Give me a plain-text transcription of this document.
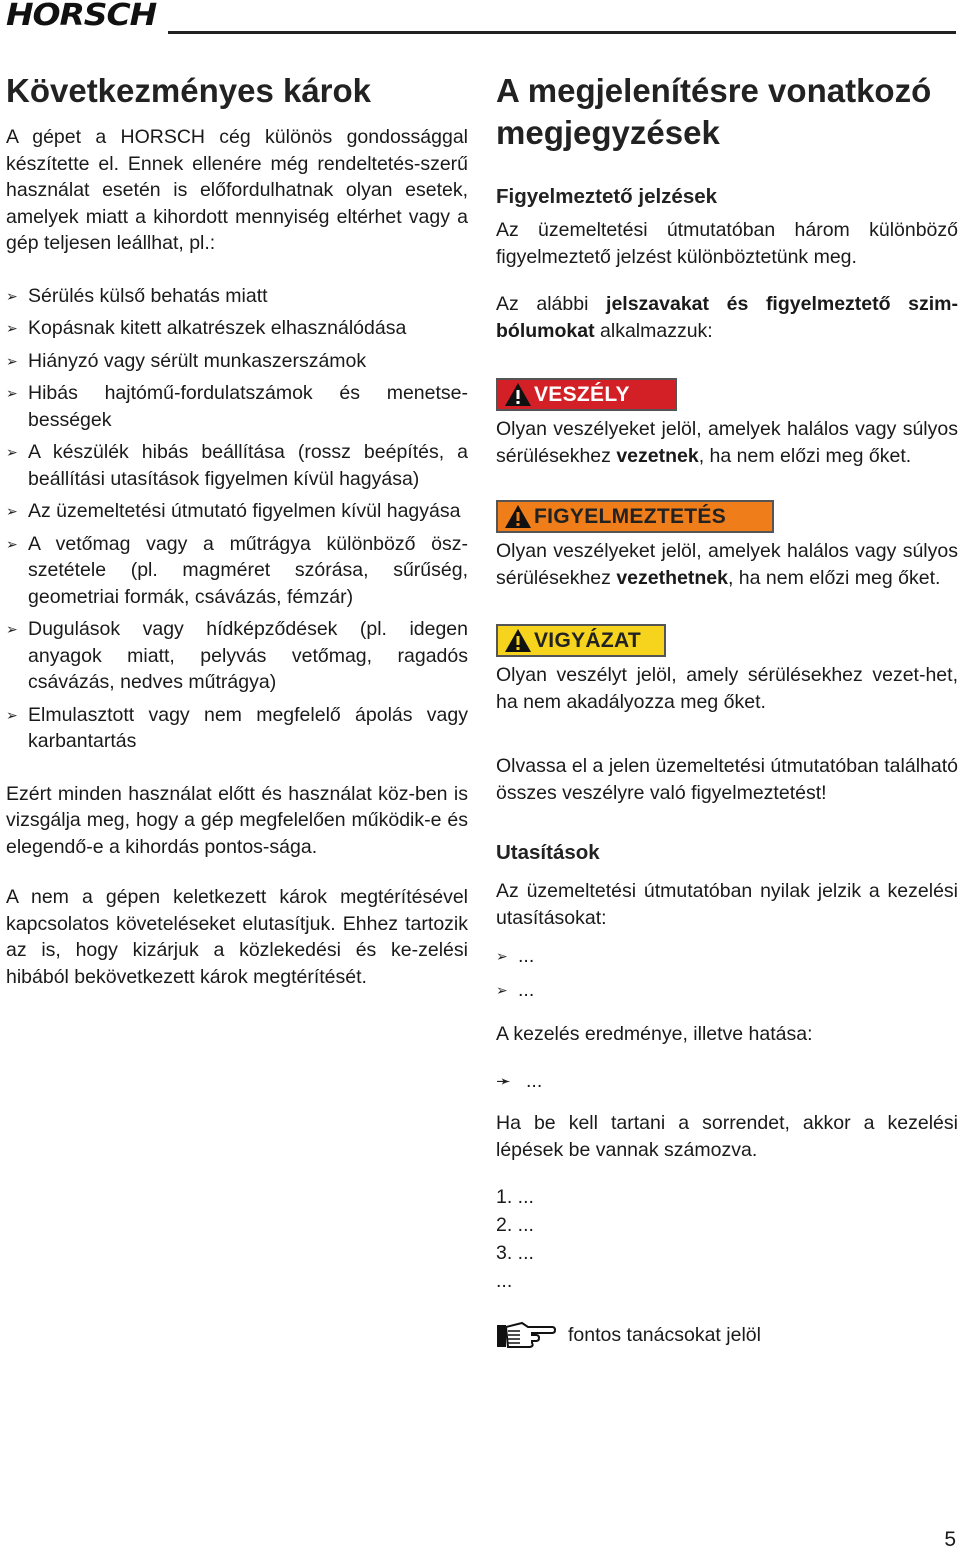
HORSCH
Következményes károk

A gépet a HORSCH cég különös gondossággal készítette el. Ennek ellenére még rendeltetés-szerű használat esetén is előfordulhatnak olyan esetek, amelyek miatt a kihordott mennyiség eltérhet vagy a gép teljesen leállhat, pl.:

➢ Sérülés külső behatás miatt
➢ Kopásnak kitett alkatrészek elhasználódása
➢ Hiányzó vagy sérült munkaszerszámok
➢ Hibás hajtómű-fordulatszámok és menetse-bességek
➢ A készülék hibás beállítása (rossz beépítés, a beállítási utasítások figyelmen kívül hagyása)
➢ Az üzemeltetési útmutató figyelmen kívül hagyása
➢ A vetőmag vagy a műtrágya különböző ösz-szetétele (pl. magméret szórása, sűrűség, geometriai formák, csávázás, fémzár)
➢ Dugulások vagy hídképződések (pl. idegen anyagok miatt, pelyvás vetőmag, ragadós csávázás, nedves műtrágya)
➢ Elmulasztott vagy nem megfelelő ápolás vagy karbantartás

Ezért minden használat előtt és használat köz-ben is vizsgálja meg, hogy a gép megfelelően működik-e és elegendő-e a kihordás pontos-sága.

A nem a gépen keletkezett károk megtérítésével kapcsolatos követeléseket elutasítjuk. Ehhez tartozik az is, hogy kizárjuk a közlekedési és ke-zelési hibából bekövetkezett károk megtérítését.

A megjelenítésre vonatkozó megjegyzések
Figyelmeztető jelzések

Az üzemeltetési útmutatóban három különböző figyelmeztető jelzést különböztetünk meg.

Az alábbi jelszavakat és figyelmeztető szim-bólumokat alkalmazzuk:

VESZÉLY

Olyan veszélyeket jelöl, amelyek halálos vagy súlyos sérülésekhez vezetnek, ha nem előzi meg őket.

FIGYELMEZTETÉS

Olyan veszélyeket jelöl, amelyek halálos vagy súlyos sérülésekhez vezethetnek, ha nem előzi meg őket.

VIGYÁZAT

Olyan veszélyt jelöl, amely sérülésekhez vezet-het, ha nem akadályozza meg őket.

Olvassa el a jelen üzemeltetési útmutatóban található összes veszélyre való figyelmeztetést!

Utasítások

Az üzemeltetési útmutatóban nyilak jelzik a kezelési utasításokat:

➢ ...
➢ ...

A kezelés eredménye, illetve hatása:

➛ ...

Ha be kell tartani a sorrendet, akkor a kezelési lépések be vannak számozva.

1. ...
2. ...
3. ...
...
fontos tanácsokat jelöl
5
